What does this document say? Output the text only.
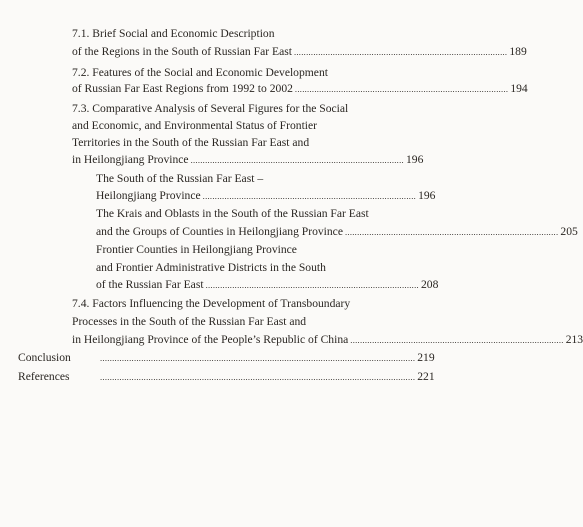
7.1. Brief Social and Economic Description
of the Regions in the South of Russian Far East ........................................................................................ 189
7.2. Features of the Social and Economic Development
of Russian Far East Regions from 1992 to 2002 ........................................................................................ 194
7.3. Comparative Analysis of Several Figures for the Social
and Economic, and Environmental Status of Frontier
Territories in the South of the Russian Far East and
in Heilongjiang Province ........................................................................................ 196
The South of the Russian Far East –
Heilongjiang Province ........................................................................................ 196
The Krais and Oblasts in the South of the Russian Far East
and the Groups of Counties in Heilongjiang Province ........................................................................................ 205
Frontier Counties in Heilongjiang Province
and Frontier Administrative Districts in the South
of the Russian Far East ........................................................................................ 208
7.4. Factors Influencing the Development of Transboundary
Processes in the South of the Russian Far East and
in Heilongjiang Province of the People’s Republic of China ........................................................................................ 213
Conclusion	.................................................................................................................................. 219
References	.................................................................................................................................. 221
